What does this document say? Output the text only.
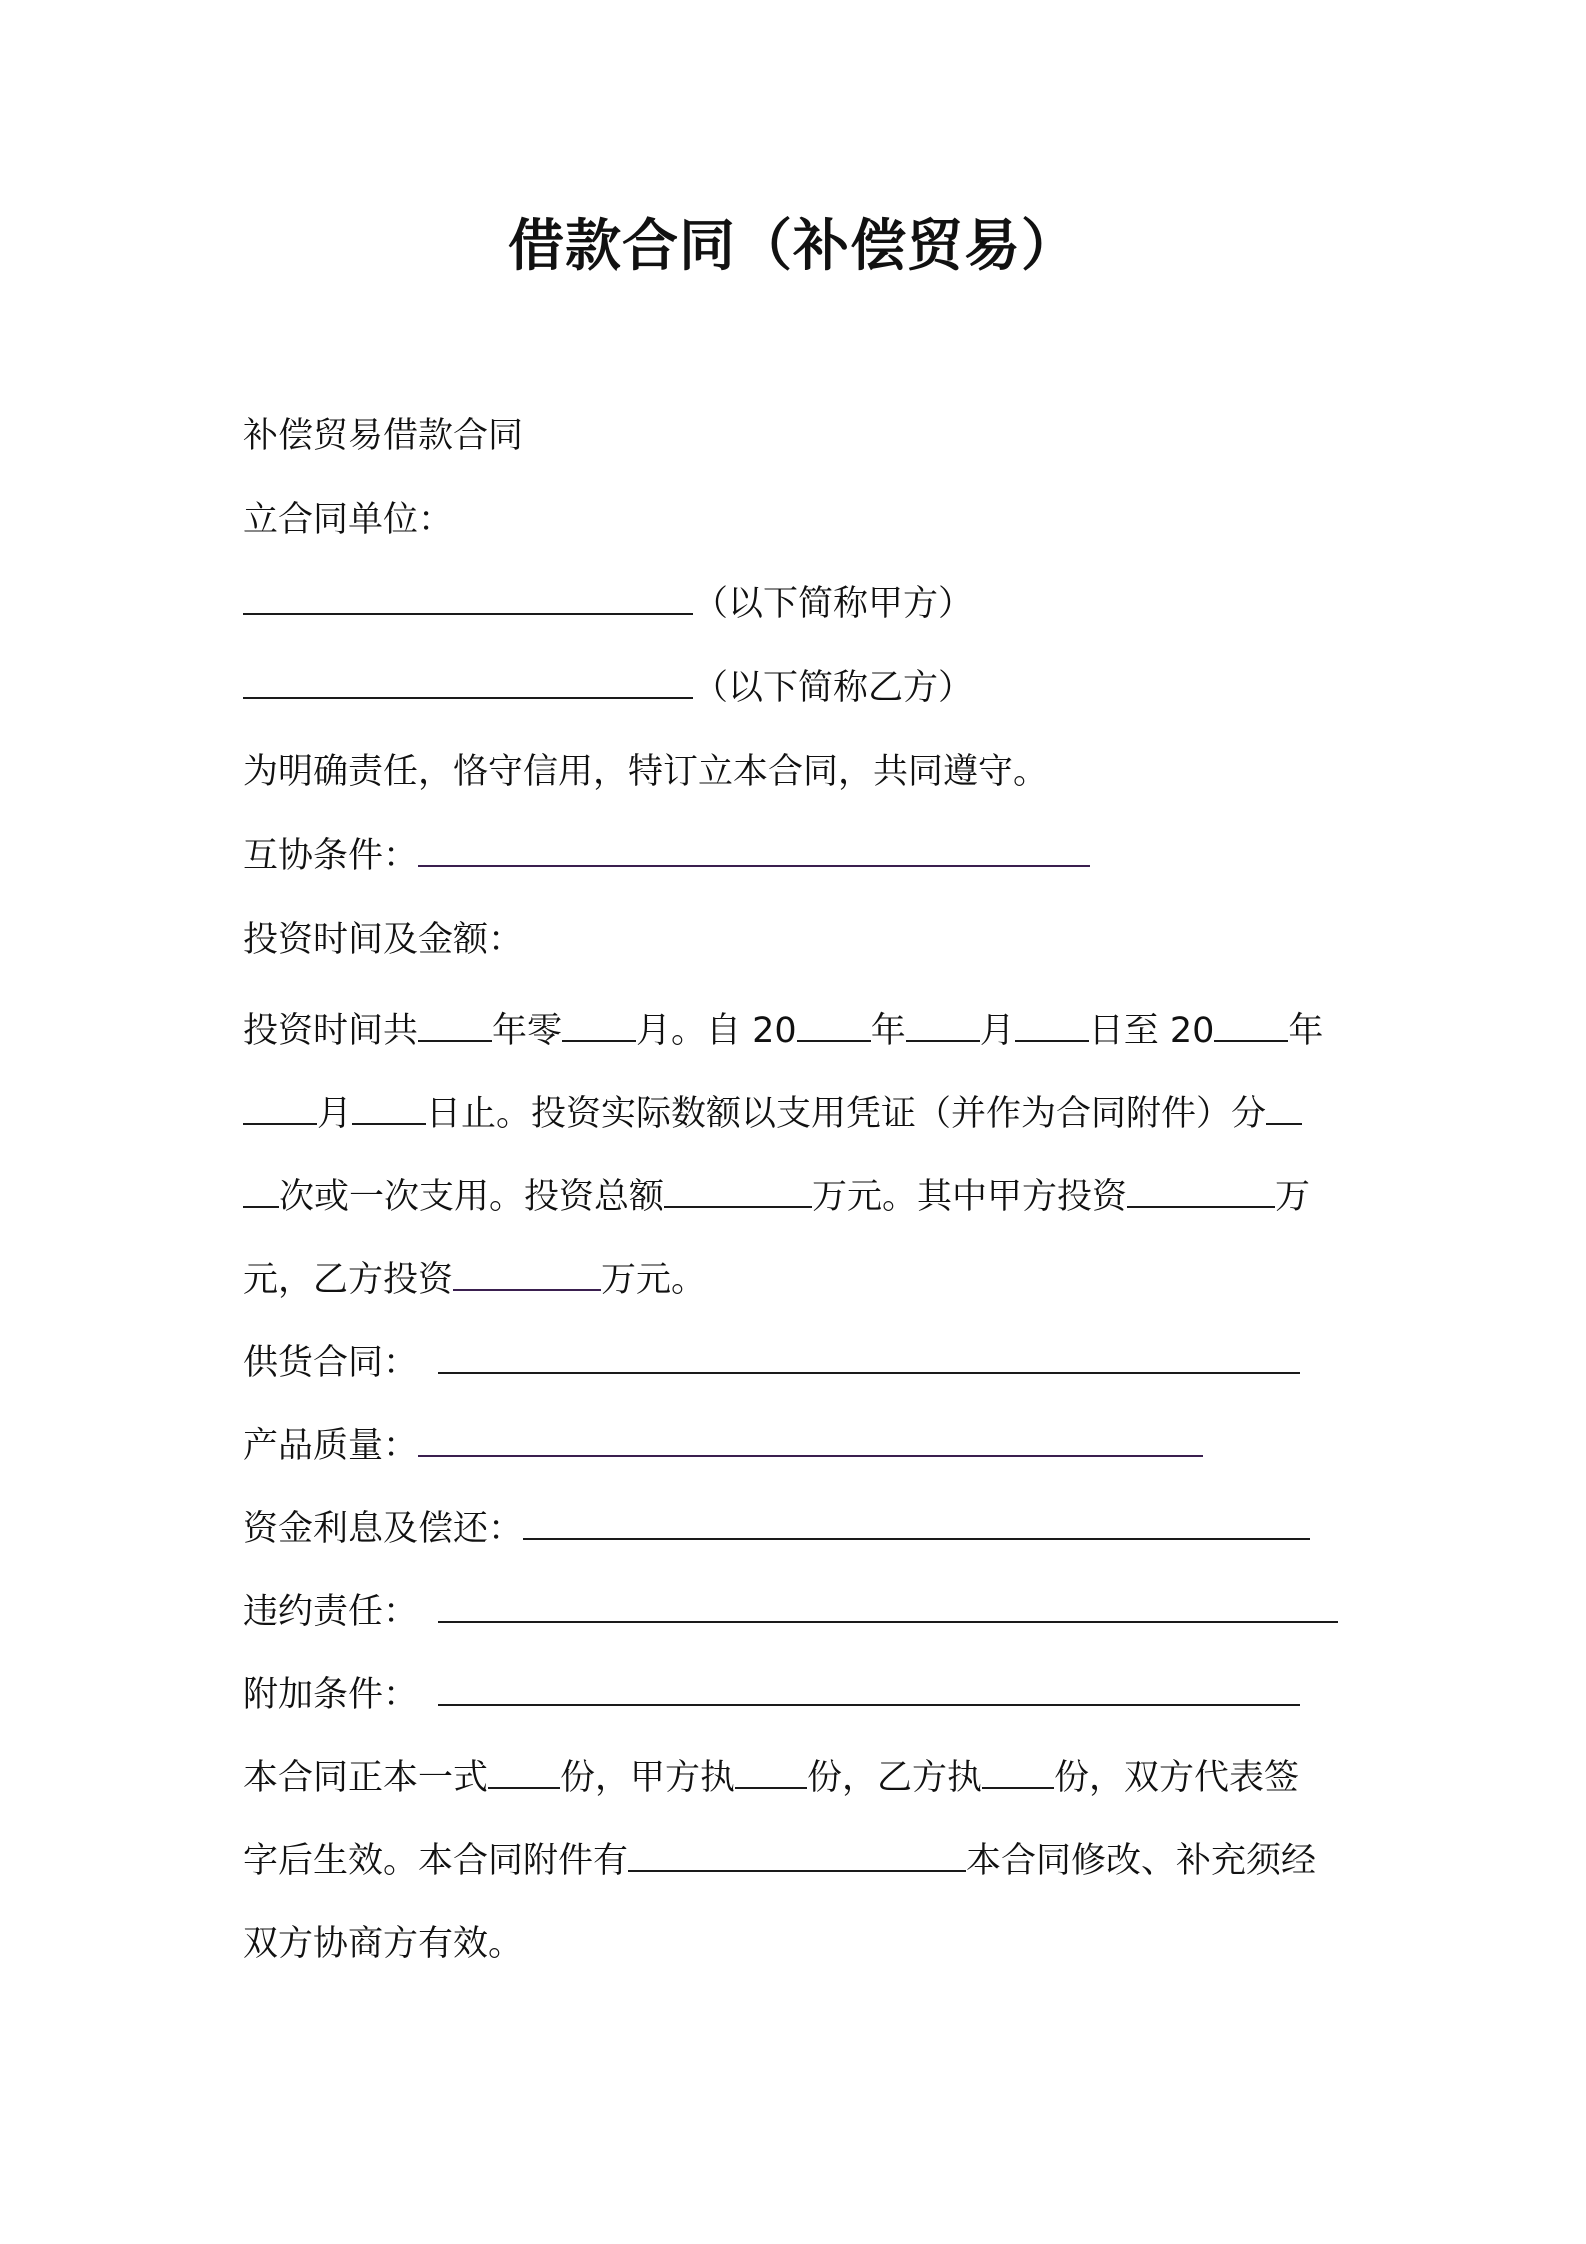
借款合同（补偿贸易）
补偿贸易借款合同
立合同单位：
（以下简称甲方）
（以下简称乙方）
为明确责任，恪守信用，特订立本合同，共同遵守。
互协条件：
投资时间及金额：
投资时间共 年零 月。自 20 年 月 日至 20 年
月 日止。投资实际数额以支用凭证（并作为合同附件）分
次或一次支用。投资总额	万元。其中甲方投资	万
元，乙方投资	万元。
供货合同：
产品质量：
资金利息及偿还：
违约责任：
附加条件：
本合同正本一式 份，甲方执 份，乙方执 份，双方代表签
字后生效。本合同附件有	本合同修改、补充须经
双方协商方有效。
